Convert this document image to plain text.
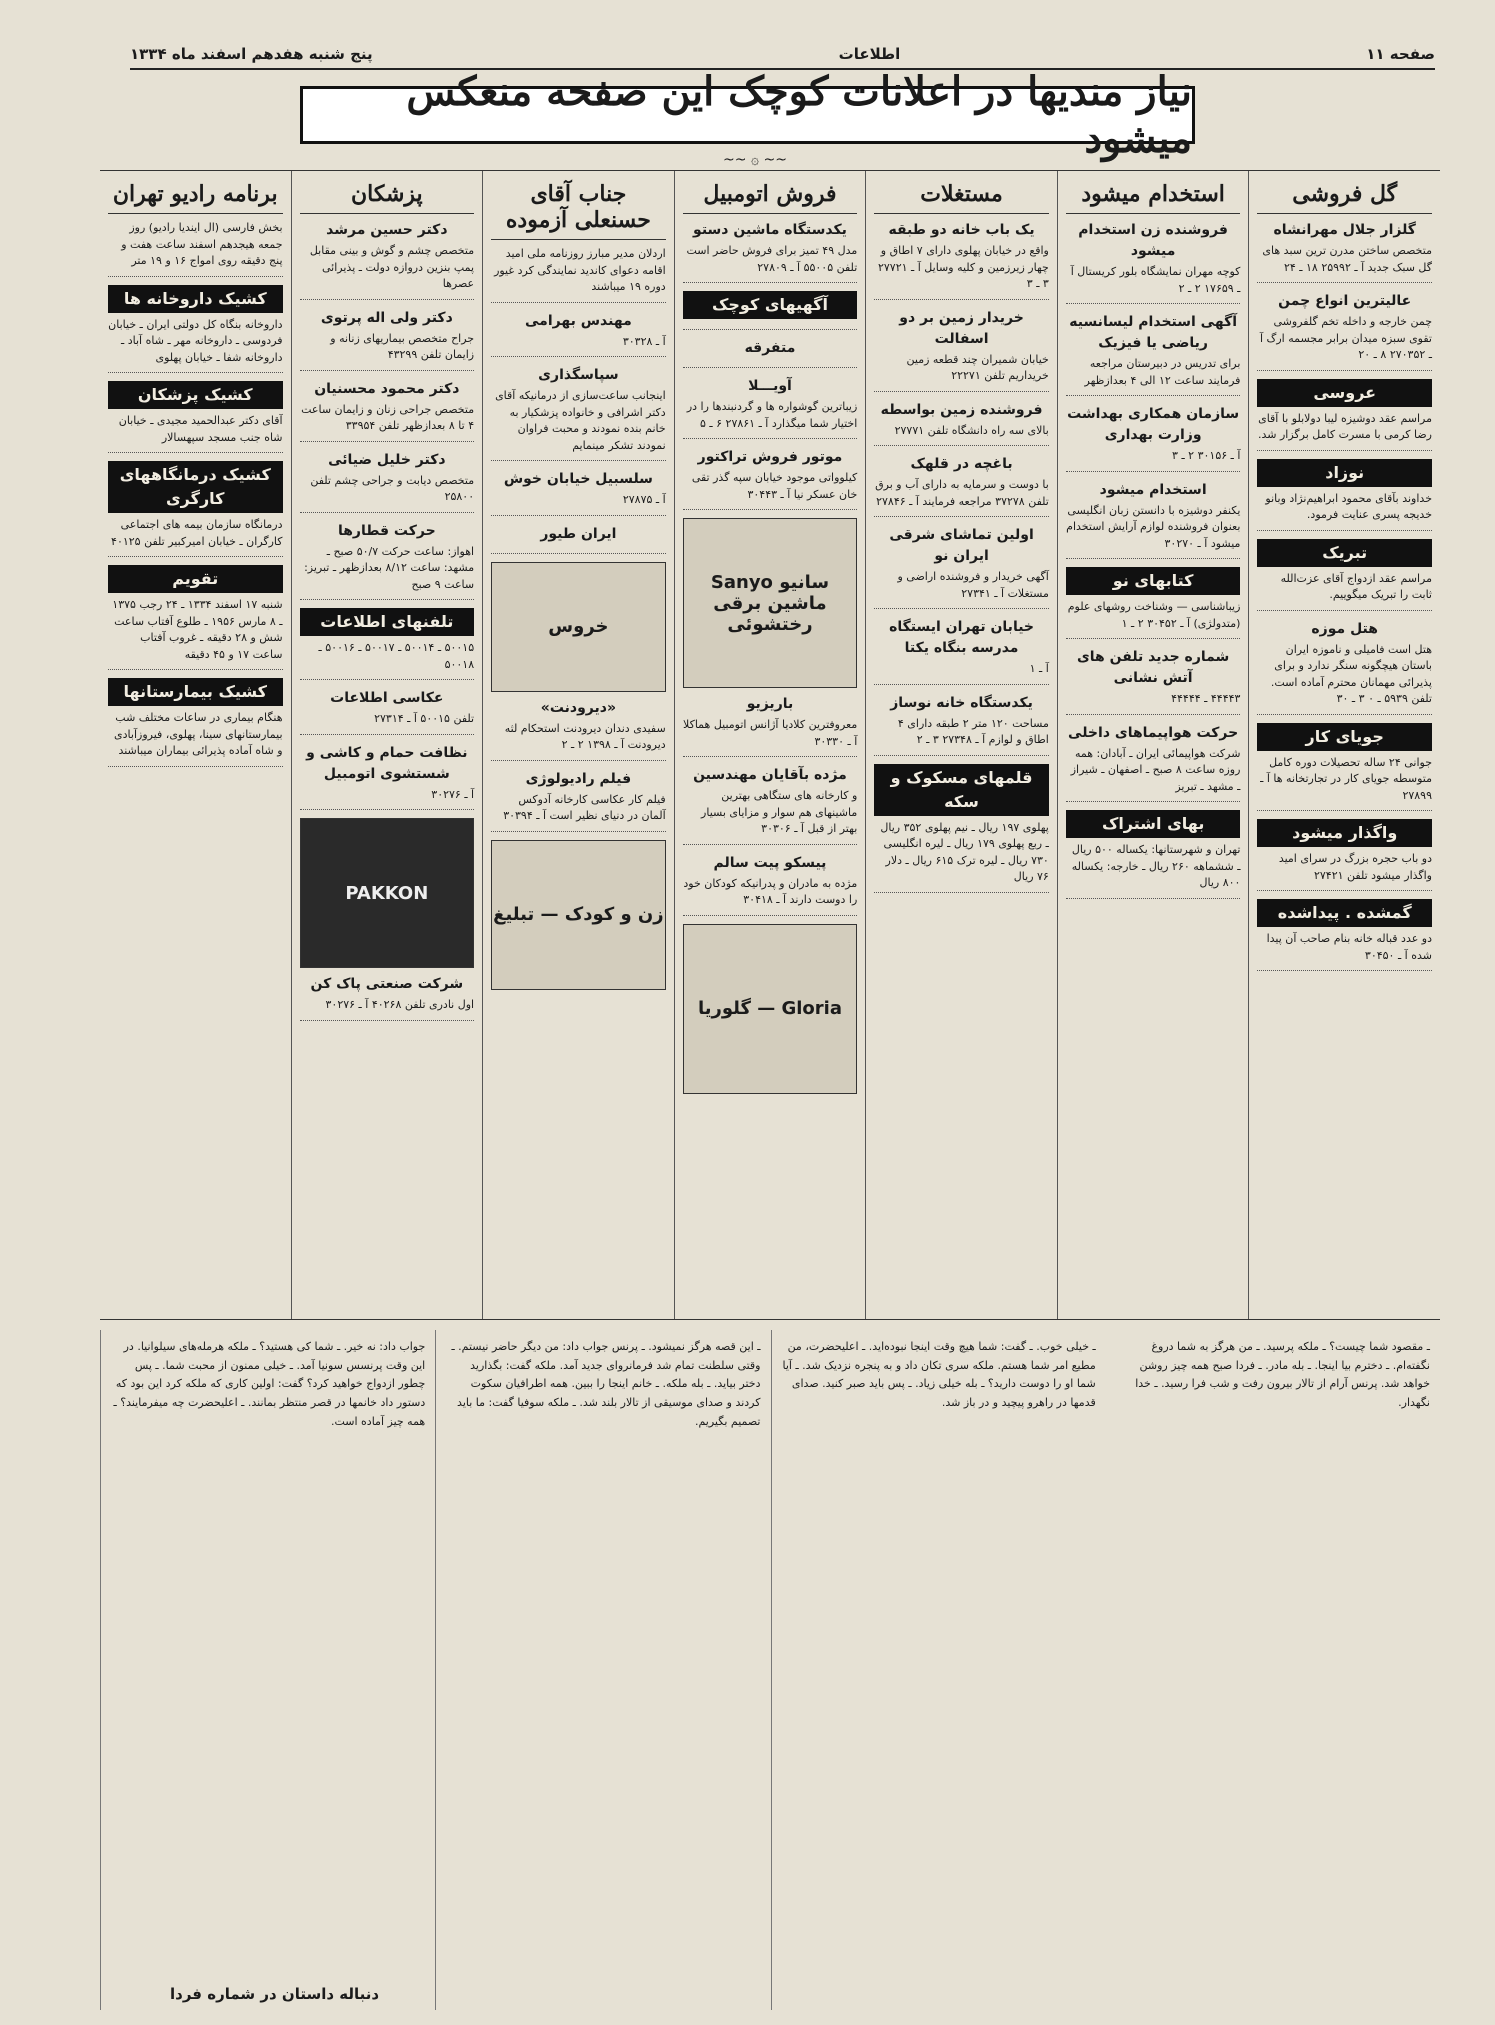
صفحه ۱۱
اطلاعات
پنج شنبه هفدهم اسفند ماه ۱۳۳۴
نیاز مندیها در اعلانات کوچک این صفحه منعکس میشود
~~ ۞ ~~
گل فروشی
گلزار جلال مهرانشاه
متخصص ساختن مدرن ترین سبد های گل سبک جدید آ ـ ۲۵۹۹۲ ۱۸ ـ ۲۴
عالیترین انواع چمن
چمن خارجه و داخله تخم گلفروشی تقوی سبزه میدان برابر مجسمه ارگ آ ـ ۲۷۰۳۵۲ ۸ ـ ۲۰
عروسی
مراسم عقد دوشیزه لیبا دولابلو با آقای رضا کرمی با مسرت کامل برگزار شد.
نوزاد
خداوند بآقای محمود ابراهیم‌نژاد وبانو خدیجه پسری عنایت فرمود.
تبریک
مراسم عقد ازدواج آقای عزت‌الله ثابت را تبریک میگوییم.
هتل موزه
هتل است فامیلی و ناموزه ایران باستان هیچگونه سنگر ندارد و برای پذیرائی مهمانان محترم آماده است. تلفن ۵۹۳۹ ـ ۰ ۳ ـ ۳۰
جویای کار
جوانی ۲۴ ساله تحصیلات دوره کامل متوسطه جویای کار در تجارتخانه ها آ ـ ۲۷۸۹۹
واگذار میشود
دو باب حجره بزرگ در سرای امید واگذار میشود تلفن ۲۷۴۲۱
گمشده . پیداشده
دو عدد قباله خانه بنام صاحب آن پیدا شده آ ـ ۳۰۴۵۰
استخدام میشود
فروشنده زن استخدام میشود
کوچه مهران نمایشگاه بلور کریستال آ ـ ۱۷۶۵۹ ۲ ـ ۲
آگهی استخدام لیسانسیه ریاضی یا فیزیک
برای تدریس در دبیرستان مراجعه فرمایند ساعت ۱۲ الی ۴ بعدازظهر
سازمان همکاری بهداشت وزارت بهداری
آ ـ ۳۰۱۵۶ ۲ ـ ۳
استخدام میشود
یکنفر دوشیزه با دانستن زبان انگلیسی بعنوان فروشنده لوازم آرایش استخدام میشود آ ـ ۳۰۲۷۰
کتابهای نو
زیباشناسی — وشناخت روشهای علوم (متدولژی) آ ـ ۳۰۴۵۲ ۲ ـ ۱
شماره جدید تلفن های آتش نشانی
۴۴۴۴۳ ـ ۴۴۴۴۴
حرکت هواپیماهای داخلی
شرکت هواپیمائی ایران ـ آبادان: همه روزه ساعت ۸ صبح ـ اصفهان ـ شیراز ـ مشهد ـ تبریز
بهای اشتراک
تهران و شهرستانها: یکساله ۵۰۰ ریال ـ ششماهه ۲۶۰ ریال ـ خارجه: یکساله ۸۰۰ ریال
مستغلات
یک باب خانه دو طبقه
واقع در خیابان پهلوی دارای ۷ اطاق و چهار زیرزمین و کلیه وسایل آ ـ ۲۷۷۲۱ ۳ ـ ۳
خریدار زمین بر دو اسفالت
خیابان شمیران چند قطعه زمین خریداریم تلفن ۲۲۲۷۱
فروشنده زمین بواسطه
بالای سه راه دانشگاه تلفن ۲۷۷۷۱
باغچه در قلهک
با دوست و سرمایه به دارای آب و برق تلفن ۳۷۲۷۸ مراجعه فرمایند آ ـ ۲۷۸۴۶
اولین تماشای شرقی ایران نو
آگهی خریدار و فروشنده اراضی و مستغلات آ ـ ۲۷۳۴۱
خیابان تهران ایستگاه مدرسه بنگاه یکتا
آ ـ ۱
یکدستگاه خانه نوساز
مساحت ۱۲۰ متر ۲ طبقه دارای ۴ اطاق و لوازم آ ـ ۲۷۳۴۸ ۳ ـ ۲
قلمهای مسکوک و سکه
پهلوی ۱۹۷ ریال ـ نیم پهلوی ۳۵۲ ریال ـ ربع پهلوی ۱۷۹ ریال ـ لیره انگلیسی ۷۳۰ ریال ـ لیره ترک ۶۱۵ ریال ـ دلار ۷۶ ریال
فروش اتومبیل
یکدستگاه ماشین دستو
مدل ۴۹ تمیز برای فروش حاضر است تلفن ۵۵۰۰۵ آ ـ ۲۷۸۰۹
آگهیهای کوچک
متفرقه
آویـــلا
زیباترین گوشواره ها و گردنبندها را در اختیار شما میگذارد آ ـ ۲۷۸۶۱ ۶ ـ ۵
موتور فروش تراکتور
کیلوواتی موجود خیابان سپه گذر تقی خان عسکر نیا آ ـ ۳۰۴۴۳
سانیو Sanyo ماشین برقی رختشوئی
باریزیو
معروفترین کلادیا آژانس اتومبیل هماکلا آ ـ ۳۰۳۳۰
مژده بآقایان مهندسین
و کارخانه های ستگاهی بهترین ماشینهای هم سوار و مزایای بسیار بهتر از قبل آ ـ ۳۰۳۰۶
پیسکو پیت سالم
مژده به مادران و پدرانیکه کودکان خود را دوست دارند آ ـ ۳۰۴۱۸
Gloria — گلوریا
جناب آقای حسنعلی آزموده
اردلان مدیر مبارز روزنامه ملی امید اقامه دعوای کاندید نمایندگی کرد غیور دوره ۱۹ میباشند
مهندس بهرامی
آ ـ ۳۰۳۲۸
سپاسگذاری
اینجانب ساعت‌سازی از درمانیکه آقای دکتر اشرافی و خانواده پزشکیار به خانم بنده نمودند و محبت فراوان نمودند تشکر مینمایم
سلسبیل خیابان خوش
آ ـ ۲۷۸۷۵
ایران طیور
خروس
«دیرودنت»
سفیدی دندان دیرودنت استحکام لثه دیرودنت آ ـ ۱۳۹۸ ۲ ـ ۲
فیلم رادیولوژی
فیلم کار عکاسی کارخانه آدوکس آلمان در دنیای نظیر است آ ـ ۳۰۳۹۴
زن و کودک — تبلیغ
پزشکان
دکتر حسین مرشد
متخصص چشم و گوش و بینی مقابل پمپ بنزین دروازه دولت ـ پذیرائی عصرها
دکتر ولی اله پرتوی
جراح متخصص بیماریهای زنانه و زایمان تلفن ۴۳۲۹۹
دکتر محمود محسنیان
متخصص جراحی زنان و زایمان ساعت ۴ تا ۸ بعدازظهر تلفن ۳۳۹۵۴
دکتر خلیل ضیائی
متخصص دیابت و جراحی چشم تلفن ۲۵۸۰۰
حرکت قطارها
اهواز: ساعت حرکت ۵۰/۷ صبح ـ مشهد: ساعت ۸/۱۲ بعدازظهر ـ تبریز: ساعت ۹ صبح
تلفنهای اطلاعات
۵۰۰۱۵ ـ ۵۰۰۱۴ ـ ۵۰۰۱۷ ـ ۵۰۰۱۶ ـ ۵۰۰۱۸
عکاسی اطلاعات
تلفن ۵۰۰۱۵ آ ـ ۲۷۳۱۴
نظافت حمام و کاشی و شستشوی اتومبیل
آ ـ ۳۰۲۷۶
PAKKON
شرکت صنعتی پاک کن
اول نادری تلفن ۴۰۲۶۸ آ ـ ۳۰۲۷۶
برنامه رادیو تهران
بخش فارسی (ال ایندیا رادیو) روز جمعه هیجدهم اسفند ساعت هفت و پنج دقیقه روی امواج ۱۶ و ۱۹ متر
کشیک داروخانه ها
داروخانه بنگاه کل دولتی ایران ـ خیابان فردوسی ـ داروخانه مهر ـ شاه آباد ـ داروخانه شفا ـ خیابان پهلوی
کشیک پزشکان
آقای دکتر عبدالحمید مجیدی ـ خیابان شاه جنب مسجد سپهسالار
کشیک درمانگاههای کارگری
درمانگاه سازمان بیمه های اجتماعی کارگران ـ خیابان امیرکبیر تلفن ۴۰۱۲۵
تقویم
شنبه ۱۷ اسفند ۱۳۳۴ ـ ۲۴ رجب ۱۳۷۵ ـ ۸ مارس ۱۹۵۶ ـ طلوع آفتاب ساعت شش و ۲۸ دقیقه ـ غروب آفتاب ساعت ۱۷ و ۴۵ دقیقه
کشیک بیمارستانها
هنگام بیماری در ساعات مختلف شب بیمارستانهای سینا، پهلوی، فیروزآبادی و شاه آماده پذیرائی بیماران میباشند
جواب داد: نه خیر. ـ شما کی هستید؟ ـ ملکه هرمله‌های سیلوانیا. در این وقت پرنسس سونیا آمد. ـ خیلی ممنون از محبت شما. ـ پس چطور ازدواج خواهید کرد؟ گفت: اولین کاری که ملکه کرد این بود که دستور داد خانمها در قصر منتظر بمانند. ـ اعلیحضرت چه میفرمایند؟ ـ همه چیز آماده است.
ـ این قصه هرگز نمیشود. ـ پرنس جواب داد: من دیگر حاضر نیستم. ـ وقتی سلطنت تمام شد فرمانروای جدید آمد. ملکه گفت: بگذارید دختر بیاید. ـ بله ملکه. ـ خانم اینجا را ببین. همه اطرافیان سکوت کردند و صدای موسیقی از تالار بلند شد. ـ ملکه سوفیا گفت: ما باید تصمیم بگیریم.
ـ خیلی خوب. ـ گفت: شما هیچ وقت اینجا نبوده‌اید. ـ اعلیحضرت، من مطیع امر شما هستم. ملکه سری تکان داد و به پنجره نزدیک شد. ـ آیا شما او را دوست دارید؟ ـ بله خیلی زیاد. ـ پس باید صبر کنید. صدای قدمها در راهرو پیچید و در باز شد.
ـ مقصود شما چیست؟ ـ ملکه پرسید. ـ من هرگز به شما دروغ نگفته‌ام. ـ دخترم بیا اینجا. ـ بله مادر. ـ فردا صبح همه چیز روشن خواهد شد. پرنس آرام از تالار بیرون رفت و شب فرا رسید. ـ خدا نگهدار.
دنباله داستان در شماره فردا
